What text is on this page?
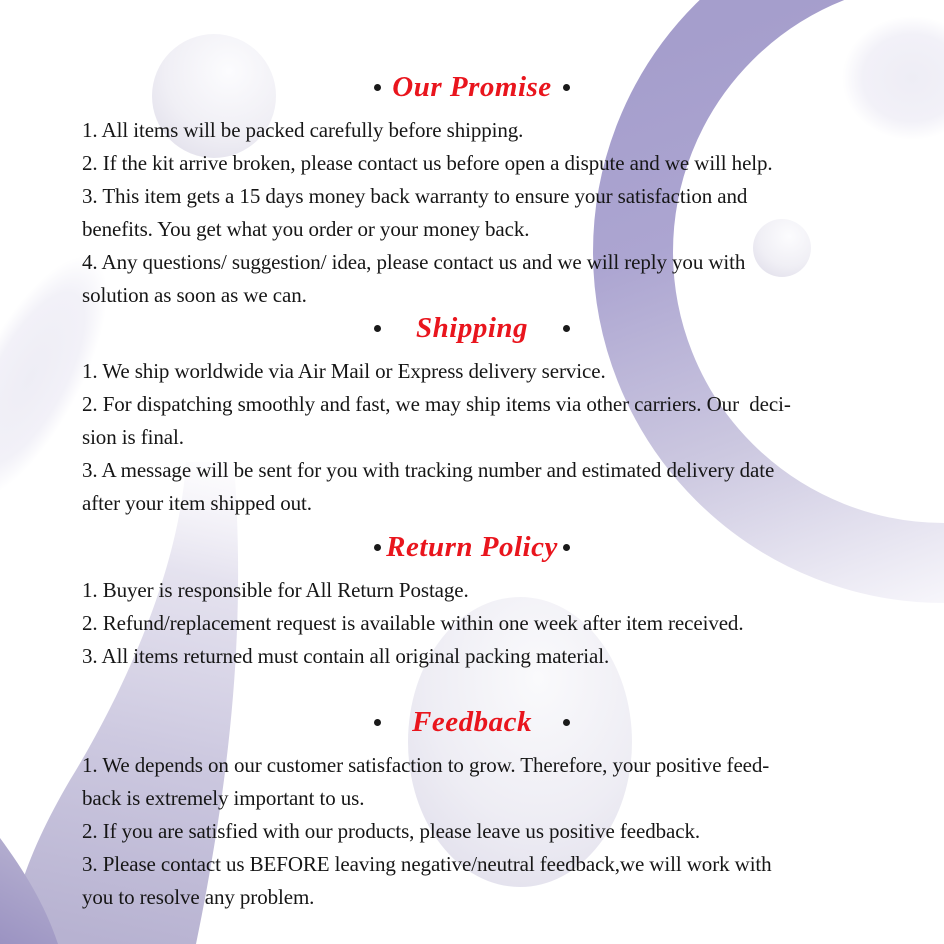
Our Promise

1. All items will be packed carefully before shipping.

2. If the kit arrive broken, please contact us before open a dispute and we will help.

3. This item gets a 15 days money back warranty to ensure your satisfaction and

benefits. You get what you order or your money back.

4. Any questions/ suggestion/ idea, please contact us and we will reply you with

solution as soon as we can.

Shipping

1. We ship worldwide via Air Mail or Express delivery service.

2. For dispatching smoothly and fast, we may ship items via other carriers. Our  deci-

sion is final.

3. A message will be sent for you with tracking number and estimated delivery date

after your item shipped out.

Return Policy

1. Buyer is responsible for All Return Postage.

2. Refund/replacement request is available within one week after item received.

3. All items returned must contain all original packing material.

Feedback

1. We depends on our customer satisfaction to grow. Therefore, your positive feed-

back is extremely important to us.

2. If you are satisfied with our products, please leave us positive feedback.

3. Please contact us BEFORE leaving negative/neutral feedback,we will work with

you to resolve any problem.
